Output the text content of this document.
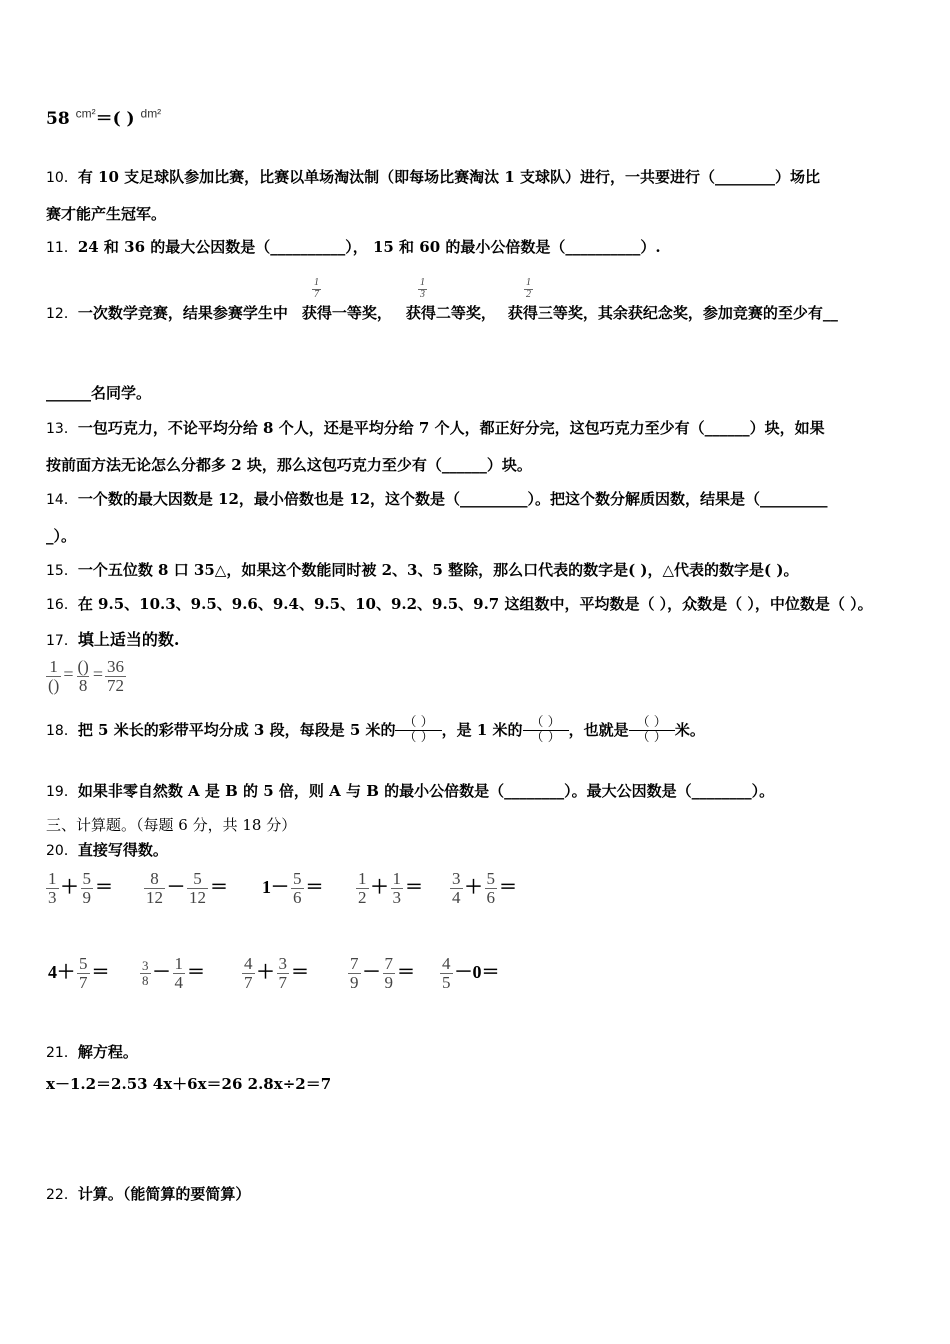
58 $^{cm^2}$＝( ) $^{dm^2}$
10．有 10 支足球队参加比赛，比赛以单场淘汰制（即每场比赛淘汰 1 支球队）进行，一共要进行（________）场比
赛才能产生冠军。
11．24 和 36 的最大公因数是（__________）， 15 和 60 的最小公倍数是（__________）.
12．一次数学竞赛，结果参赛学生中 获得一等奖， 获得二等奖， 获得三等奖，其余获纪念奖，参加竞赛的至少有__
$\frac{1}{7}$	$\frac{1}{3}$	$\frac{1}{2}$
______名同学。
13．一包巧克力，不论平均分给 8 个人，还是平均分给 7 个人，都正好分完，这包巧克力至少有（______）块，如果
按前面方法无论怎么分都多 2 块，那么这包巧克力至少有（______）块。
14．一个数的最大因数是 12，最小倍数也是 12，这个数是（_________）。把这个数分解质因数，结果是（_________
_）。
15．一个五位数 8 口 35△，如果这个数能同时被 2、3、5 整除，那么口代表的数字是( )，△代表的数字是( )。
16．在 9.5、10.3、9.5、9.6、9.4、9.5、10、9.2、9.5、9.7 这组数中，平均数是（ ），众数是（ ），中位数是（ ）。
17．填上适当的数.
$\frac{1}{()} = \frac{()}{8} = \frac{36}{72}$
18．把 5 米长的彩带平均分成 3 段，每段是 5 米的 （ ）
（ ） ，是 1 米的 （ ）
（ ） ，也就是 （ ）
（ ） 米。
19．如果非零自然数 A 是 B 的 5 倍，则 A 与 B 的最小公倍数是（________）。最大公因数是（________）。
三、计算题。（每题 6 分，共 18 分）
20．直接写得数。
$\frac{1}{3} + \frac{5}{9} = \frac{8}{12} - \frac{5}{12} = 1- \frac{5}{6} = \frac{1}{2} + \frac{1}{3} = \frac{3}{4} + \frac{5}{6}$ ＝
$4+ \frac{5}{7} = \frac{3}{8} - \frac{1}{4} = \frac{4}{7} + \frac{3}{7} = \frac{7}{9} - \frac{7}{9} = \frac{4}{5} -0=$
21．解方程。
x－1.2＝2.53 4x＋6x＝26 2.8x÷2＝7
22．计算。（能简算的要简算）
